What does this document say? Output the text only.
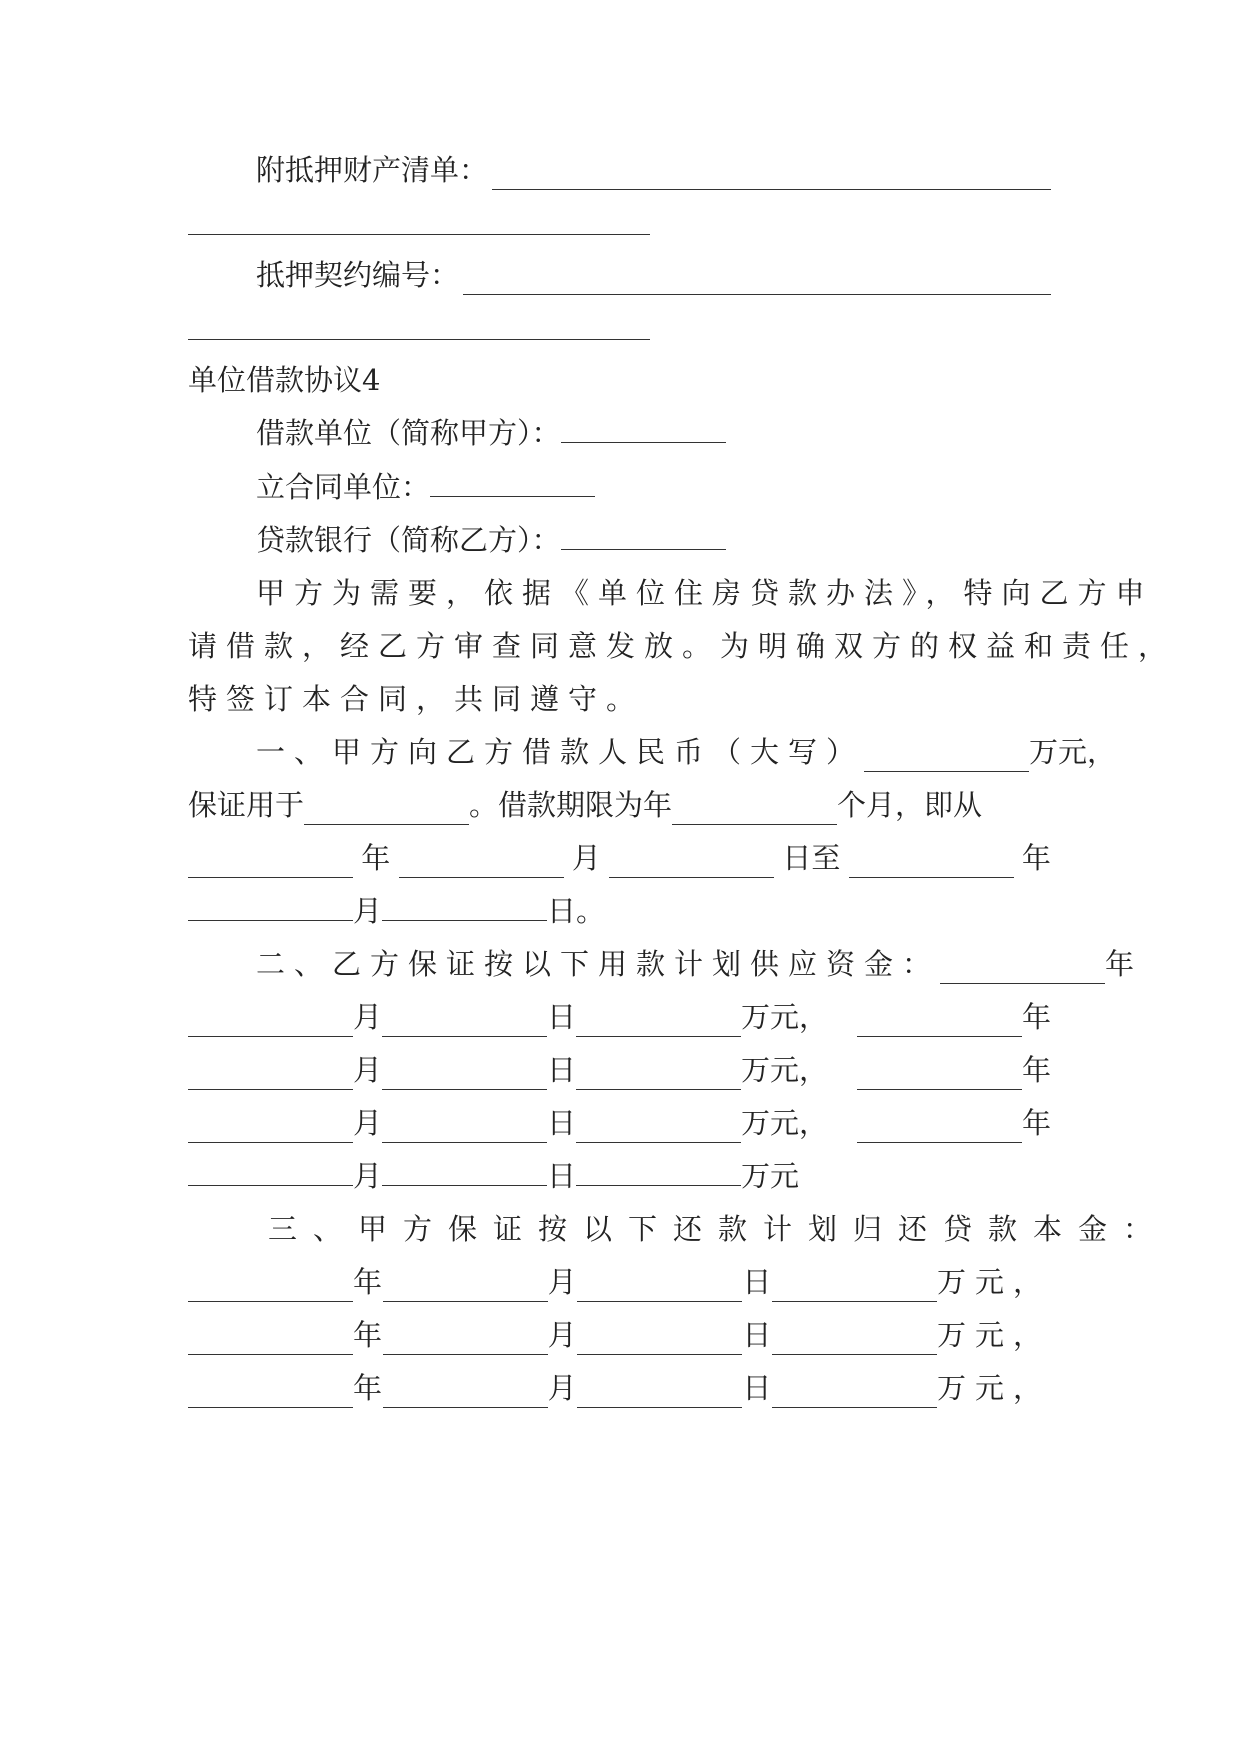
附抵押财产清单：
抵押契约编号：
单位借款协议4
借款单位（简称甲方）：
立合同单位：
贷款银行（简称乙方）：
甲方为需要，依据《单位住房贷款办法》，特向乙方申
请借款，经乙方审查同意发放。为明确双方的权益和责任，
特签订本合同，共同遵守。
一、甲方向乙方借款人民币（大写）	万元，
保证用于	。借款期限为年	个月，即从
年	月	日至	年
月	日。
二、乙方保证按以下用款计划供应资金：	年
月	日	万元，	年
月	日	万元，	年
月	日	万元，	年
月	日	万元
三、甲方保证按以下还款计划归还贷款本金：
年	月	日	万元，
年	月	日	万元，
年	月	日	万元，
